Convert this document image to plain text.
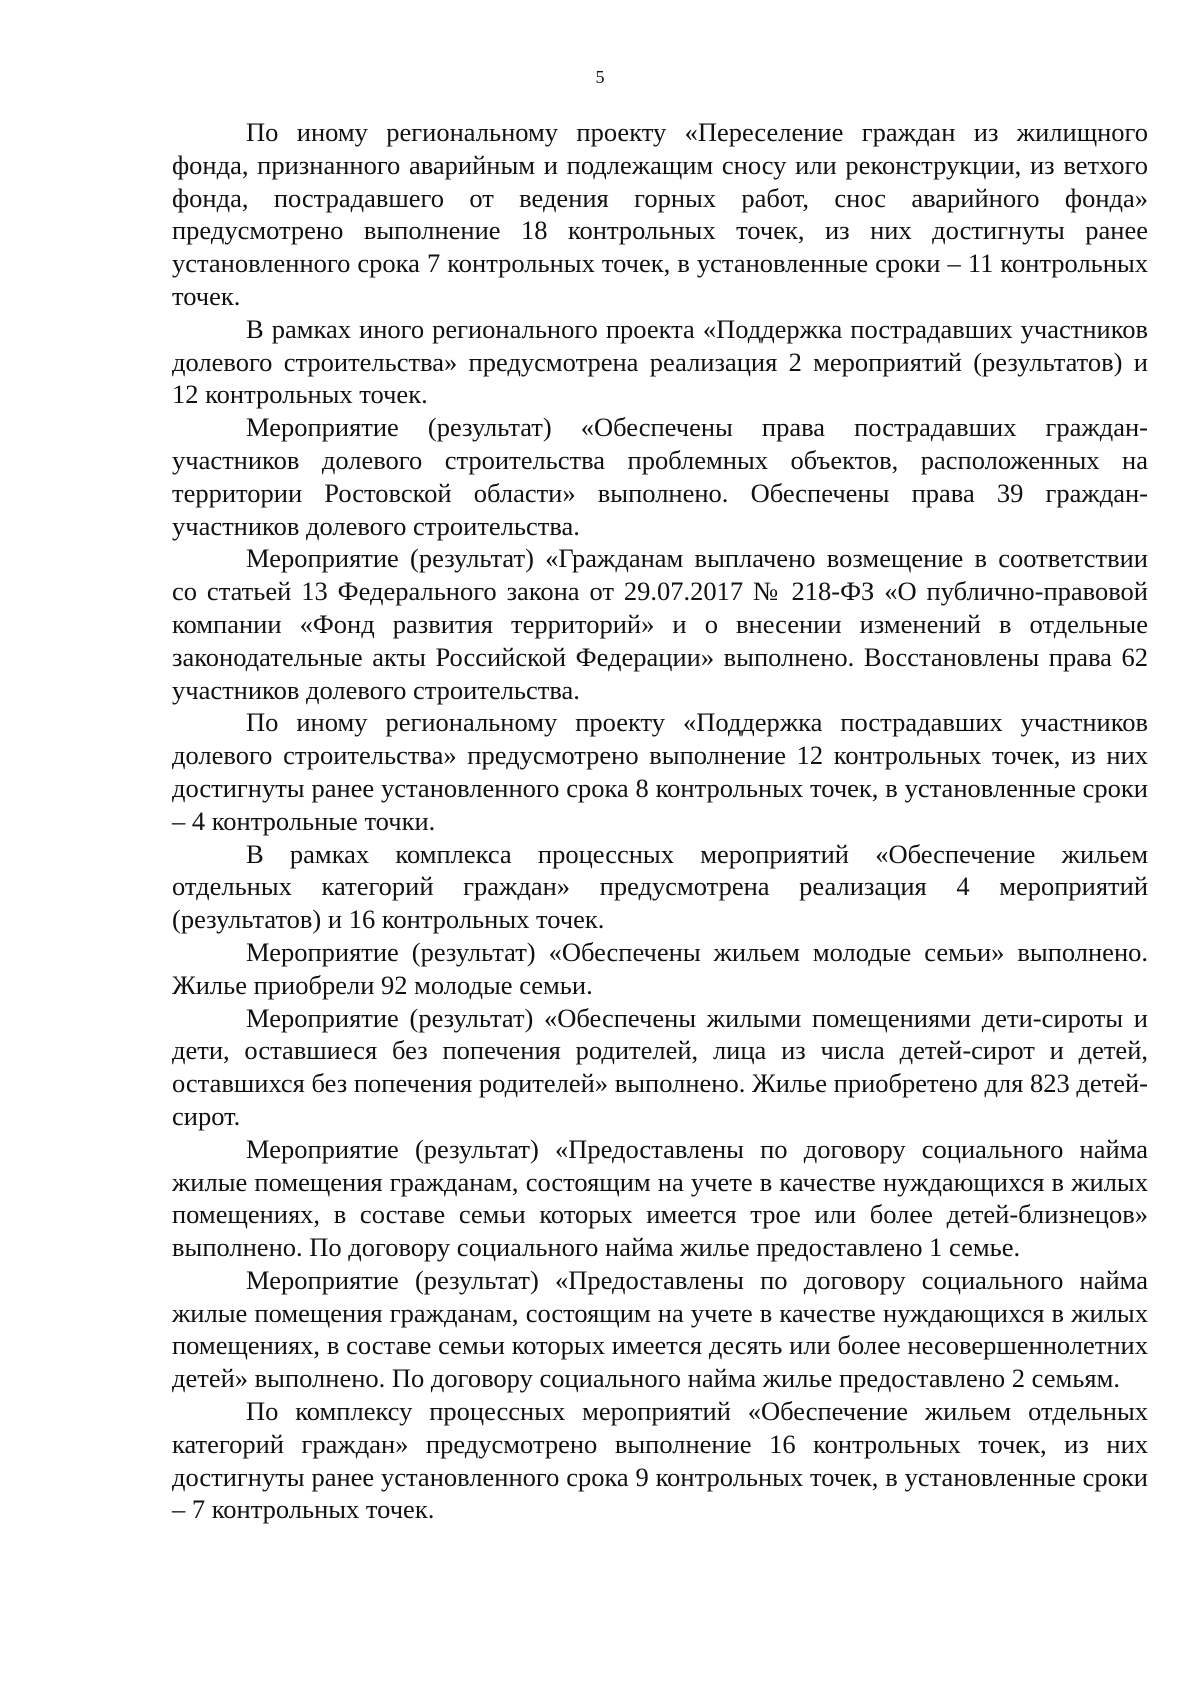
5

По иному региональному проекту «Переселение граждан из жилищного фонда, признанного аварийным и подлежащим сносу или реконструкции, из ветхого фонда, пострадавшего от ведения горных работ, снос аварийного фонда» предусмотрено выполнение 18 контрольных точек, из них достигнуты ранее установленного срока 7 контрольных точек, в установленные сроки – 11 контрольных точек.

В рамках иного регионального проекта «Поддержка пострадавших участников долевого строительства» предусмотрена реализация 2 мероприятий (результатов) и 12 контрольных точек.

Мероприятие (результат) «Обеспечены права пострадавших граждан-участников долевого строительства проблемных объектов, расположенных на территории Ростовской области» выполнено. Обеспечены права 39 граждан-участников долевого строительства.

Мероприятие (результат) «Гражданам выплачено возмещение в соответствии со статьей 13 Федерального закона от 29.07.2017 № 218-ФЗ «О публично-правовой компании «Фонд развития территорий» и о внесении изменений в отдельные законодательные акты Российской Федерации» выполнено. Восстановлены права 62 участников долевого строительства.

По иному региональному проекту «Поддержка пострадавших участников долевого строительства» предусмотрено выполнение 12 контрольных точек, из них достигнуты ранее установленного срока 8 контрольных точек, в установленные сроки – 4 контрольные точки.

В рамках комплекса процессных мероприятий «Обеспечение жильем отдельных категорий граждан» предусмотрена реализация 4 мероприятий (результатов) и 16 контрольных точек.

Мероприятие (результат) «Обеспечены жильем молодые семьи» выполнено. Жилье приобрели 92 молодые семьи.

Мероприятие (результат) «Обеспечены жилыми помещениями дети-сироты и дети, оставшиеся без попечения родителей, лица из числа детей-сирот и детей, оставшихся без попечения родителей» выполнено. Жилье приобретено для 823 детей-сирот.

Мероприятие (результат) «Предоставлены по договору социального найма жилые помещения гражданам, состоящим на учете в качестве нуждающихся в жилых помещениях, в составе семьи которых имеется трое или более детей-близнецов» выполнено. По договору социального найма жилье предоставлено 1 семье.

Мероприятие (результат) «Предоставлены по договору социального найма жилые помещения гражданам, состоящим на учете в качестве нуждающихся в жилых помещениях, в составе семьи которых имеется десять или более несовершеннолетних детей» выполнено. По договору социального найма жилье предоставлено 2 семьям.

По комплексу процессных мероприятий «Обеспечение жильем отдельных категорий граждан» предусмотрено выполнение 16 контрольных точек, из них достигнуты ранее установленного срока 9 контрольных точек, в установленные сроки – 7 контрольных точек.
